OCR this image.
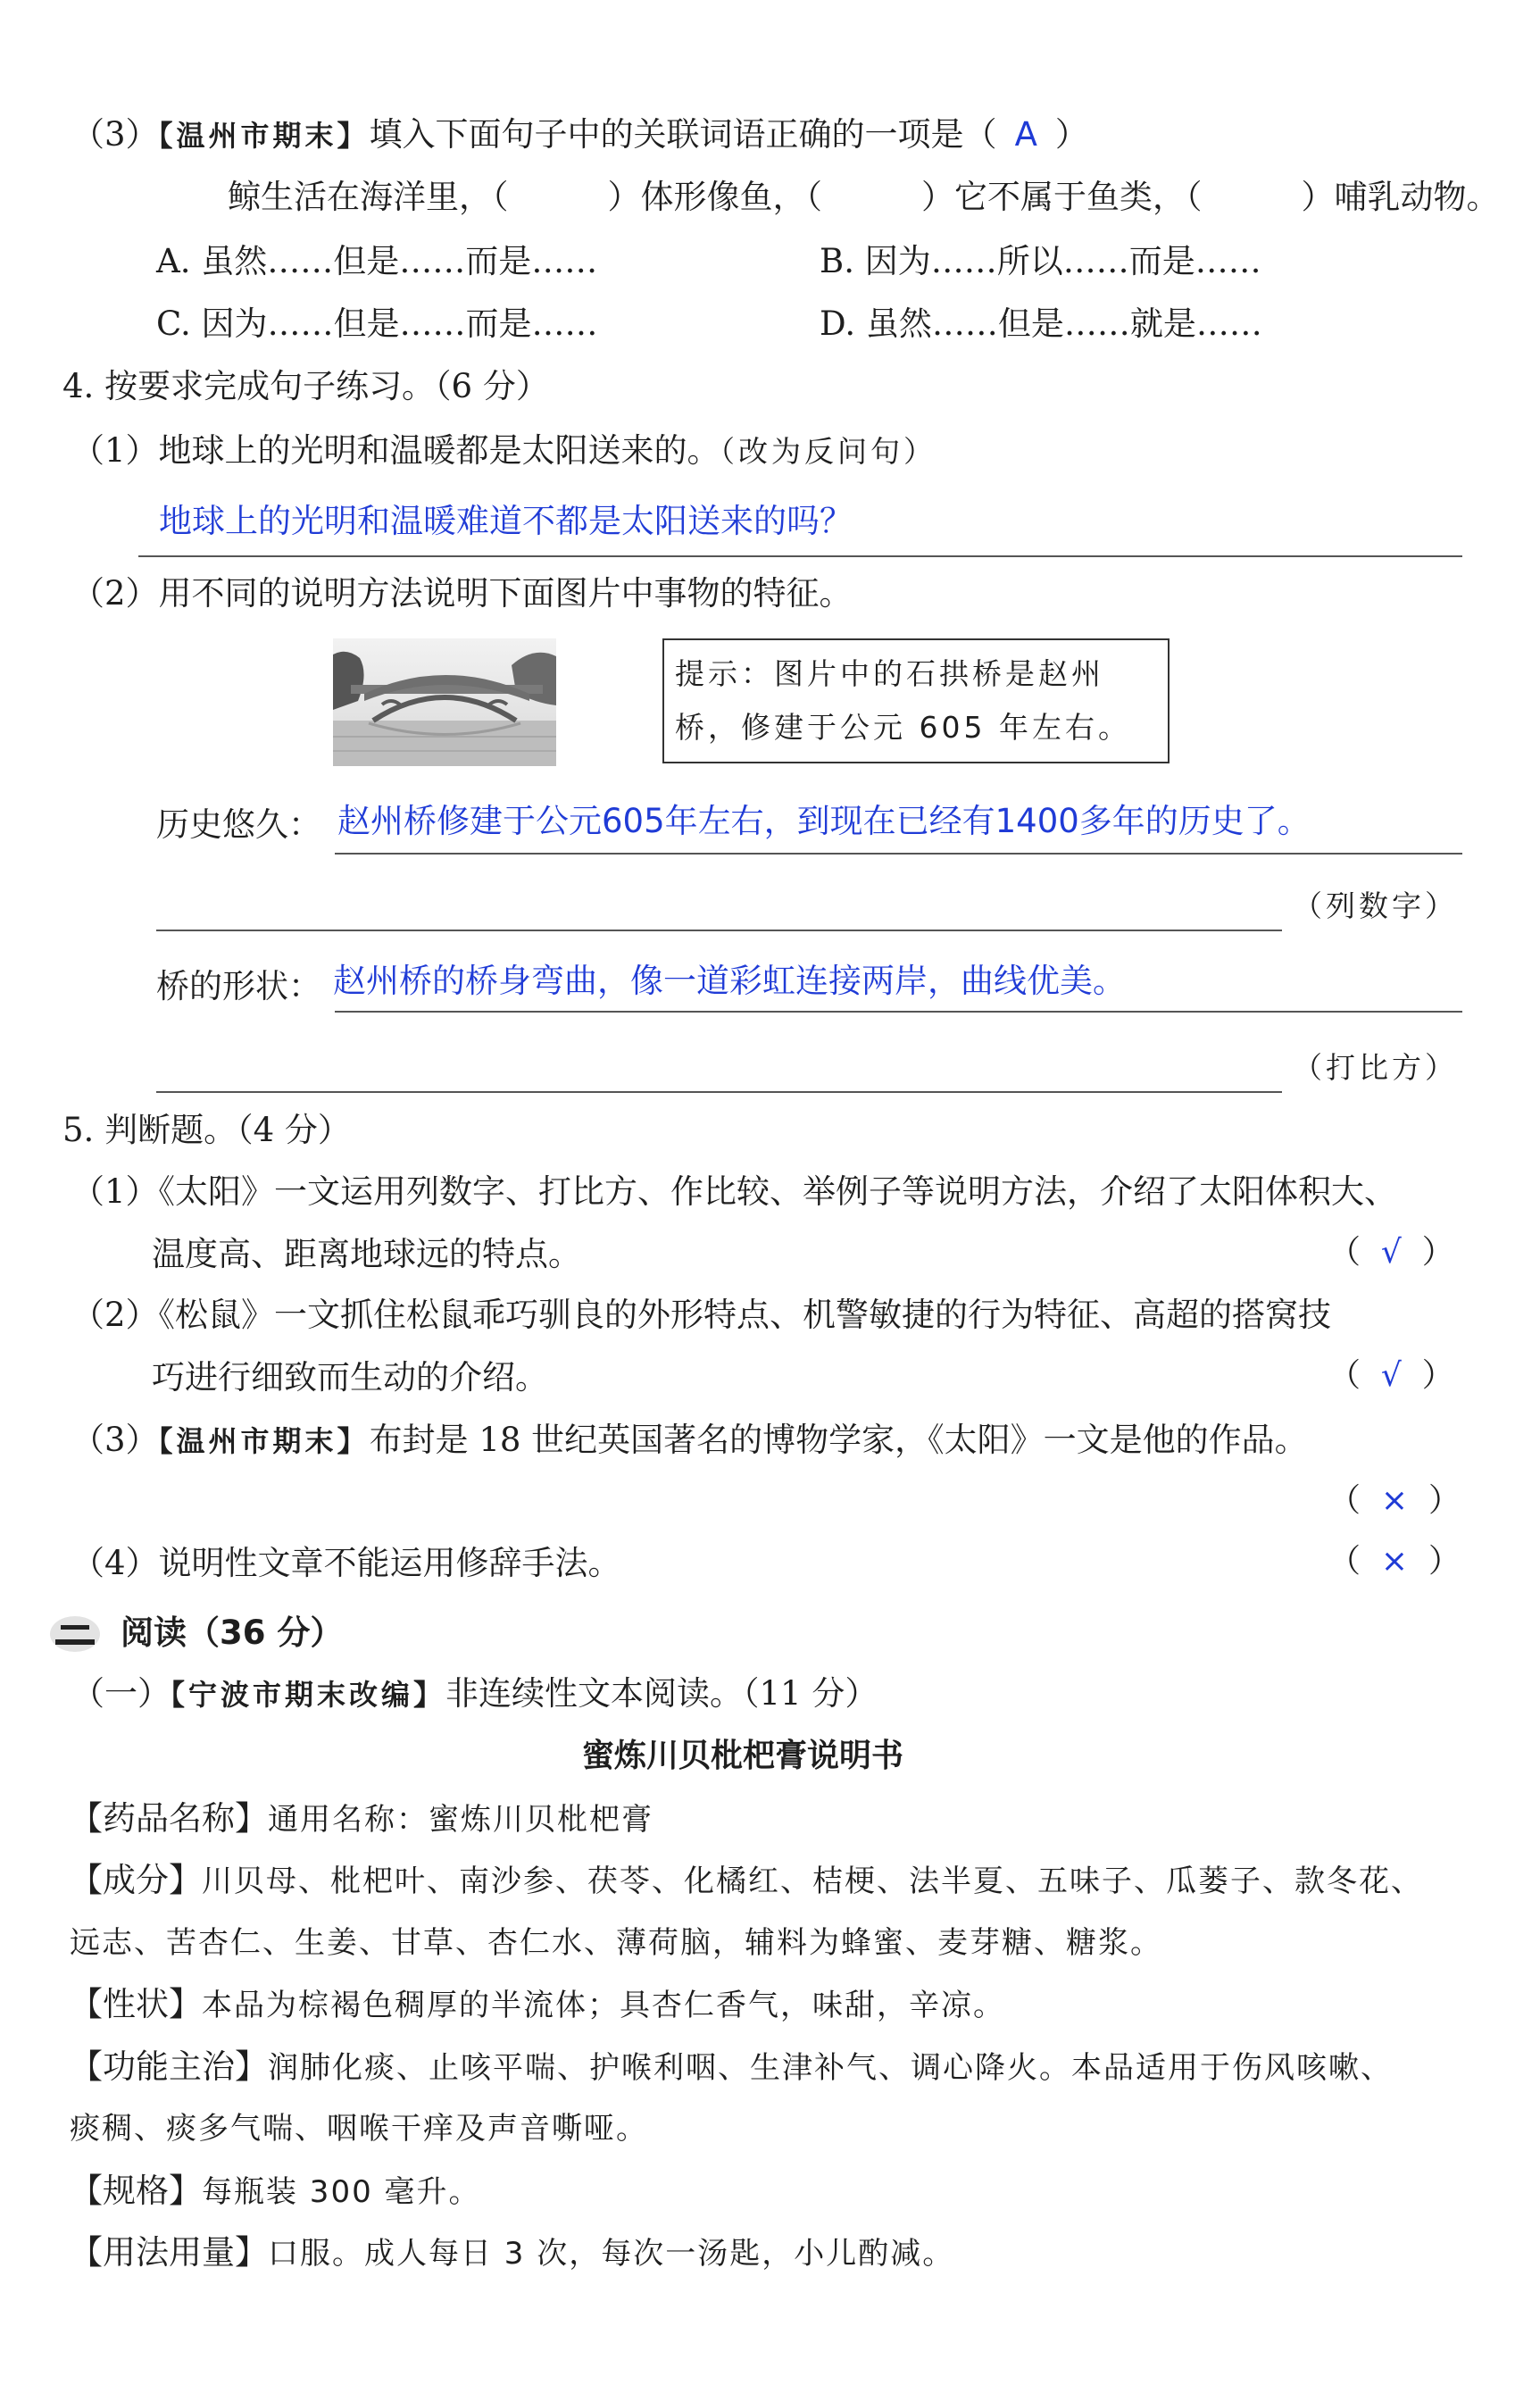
（3）【温州市期末】填入下面句子中的关联词语正确的一项是（ A ）
鲸生活在海洋里，（　　　）体形像鱼，（　　　）它不属于鱼类，（　　　）哺乳动物。
A. 虽然……但是……而是……	B. 因为……所以……而是……
C. 因为……但是……而是……	D. 虽然……但是……就是……
4. 按要求完成句子练习。（6 分）
（1）地球上的光明和温暖都是太阳送来的。（改为反问句）
地球上的光明和温暖难道不都是太阳送来的吗？
（2）用不同的说明方法说明下面图片中事物的特征。
提示：图片中的石拱桥是赵州
桥，修建于公元 605 年左右。
历史悠久： 赵州桥修建于公元605年左右，到现在已经有1400多年的历史了。
（列数字）
桥的形状： 赵州桥的桥身弯曲，像一道彩虹连接两岸，曲线优美。
（打比方）
5. 判断题。（4 分）
（1）《太阳》一文运用列数字、打比方、作比较、举例子等说明方法，介绍了太阳体积大、
温度高、距离地球远的特点。	（  √  ）
（2）《松鼠》一文抓住松鼠乖巧驯良的外形特点、机警敏捷的行为特征、高超的搭窝技
巧进行细致而生动的介绍。	（  √  ）
（3）【温州市期末】布封是 18 世纪英国著名的博物学家，《太阳》一文是他的作品。
（  ×  ）
（4）说明性文章不能运用修辞手法。	（  ×  ）
阅读（36 分）
（一）【宁波市期末改编】非连续性文本阅读。（11 分）
蜜炼川贝枇杷膏说明书
【药品名称】通用名称：蜜炼川贝枇杷膏
【成分】川贝母、枇杷叶、南沙参、茯苓、化橘红、桔梗、法半夏、五味子、瓜蒌子、款冬花、
远志、苦杏仁、生姜、甘草、杏仁水、薄荷脑，辅料为蜂蜜、麦芽糖、糖浆。
【性状】本品为棕褐色稠厚的半流体；具杏仁香气，味甜，辛凉。
【功能主治】润肺化痰、止咳平喘、护喉利咽、生津补气、调心降火。本品适用于伤风咳嗽、
痰稠、痰多气喘、咽喉干痒及声音嘶哑。
【规格】每瓶装 300 毫升。
【用法用量】口服。成人每日 3 次，每次一汤匙，小儿酌减。
